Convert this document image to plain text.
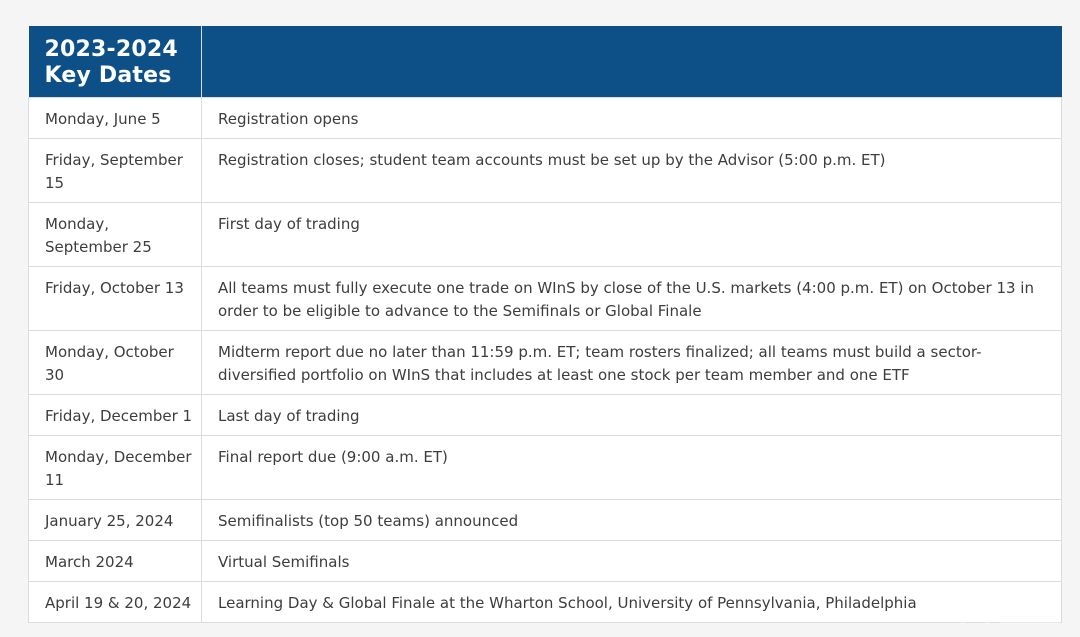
2023-2024
Key Dates	

Monday, June 5	Registration opens
Friday, September 15	Registration closes; student team accounts must be set up by the Advisor (5:00 p.m. ET)
Monday, September 25	First day of trading
Friday, October 13	All teams must fully execute one trade on WInS by close of the U.S. markets (4:00 p.m. ET) on October 13 in order to be eligible to advance to the Semifinals or Global Finale
Monday, October 30	Midterm report due no later than 11:59 p.m. ET; team rosters finalized; all teams must build a sector-diversified portfolio on WInS that includes at least one stock per team member and one ETF
Friday, December 1	Last day of trading
Monday, December 11	Final report due (9:00 a.m. ET)
January 25, 2024	Semifinalists (top 50 teams) announced
March 2024	Virtual Semifinals
April 19 & 20, 2024	Learning Day & Global Finale at the Wharton School, University of Pennsylvania, Philadelphia
